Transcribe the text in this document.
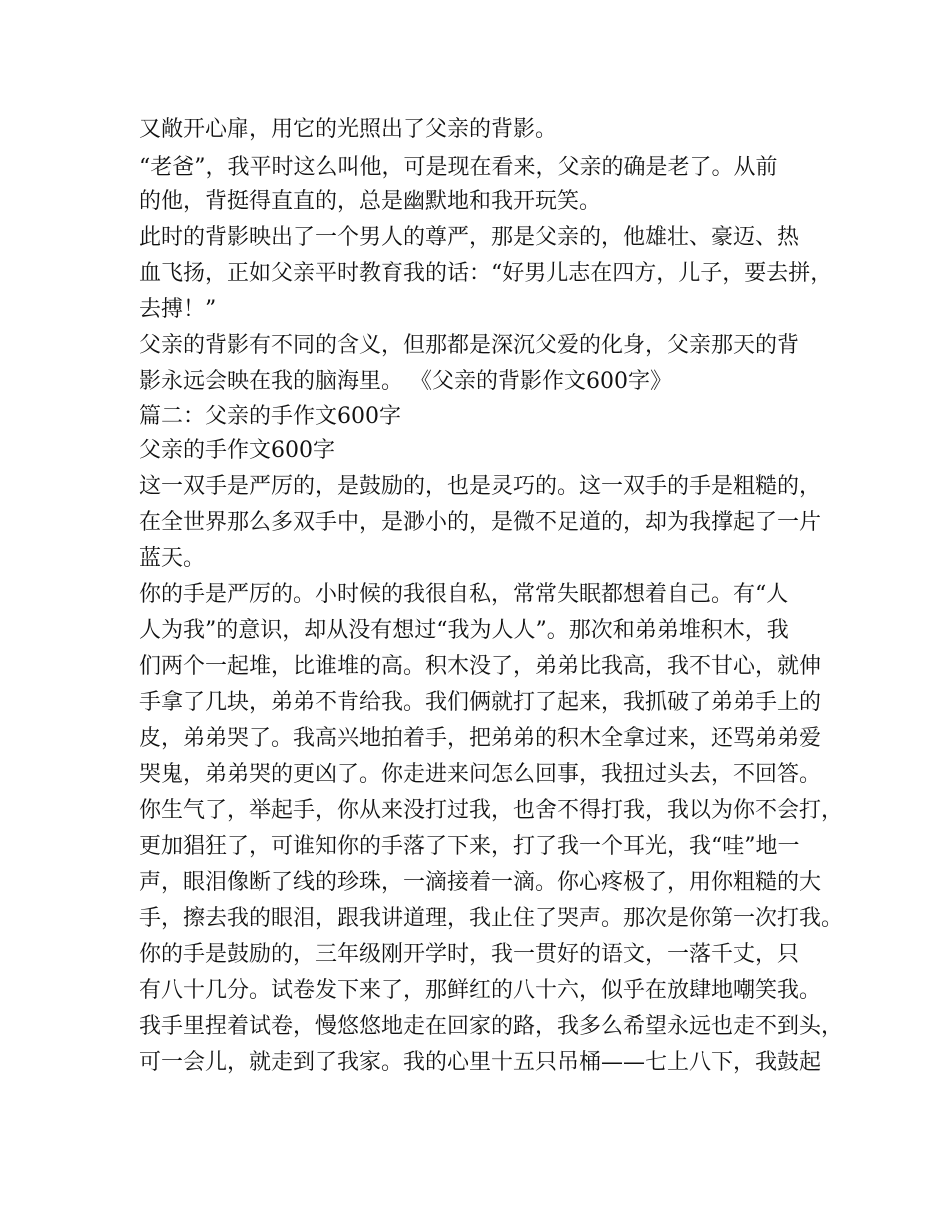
又敞开心扉，用它的光照出了父亲的背影。

“老爸”，我平时这么叫他，可是现在看来，父亲的确是老了。从前

的他，背挺得直直的，总是幽默地和我开玩笑。

此时的背影映出了一个男人的尊严，那是父亲的，他雄壮、豪迈、热

血飞扬，正如父亲平时教育我的话：“好男儿志在四方，儿子，要去拼，

去搏！”

父亲的背影有不同的含义，但那都是深沉父爱的化身，父亲那天的背

影永远会映在我的脑海里。 《父亲的背影作文600字》

篇二：父亲的手作文600字

父亲的手作文600字

这一双手是严厉的，是鼓励的，也是灵巧的。这一双手的手是粗糙的，

在全世界那么多双手中，是渺小的，是微不足道的，却为我撑起了一片

蓝天。

你的手是严厉的。小时候的我很自私，常常失眠都想着自己。有“人

人为我”的意识，却从没有想过“我为人人”。那次和弟弟堆积木，我

们两个一起堆，比谁堆的高。积木没了，弟弟比我高，我不甘心，就伸

手拿了几块，弟弟不肯给我。我们俩就打了起来，我抓破了弟弟手上的

皮，弟弟哭了。我高兴地拍着手，把弟弟的积木全拿过来，还骂弟弟爱

哭鬼，弟弟哭的更凶了。你走进来问怎么回事，我扭过头去，不回答。

你生气了，举起手，你从来没打过我，也舍不得打我，我以为你不会打，

更加猖狂了，可谁知你的手落了下来，打了我一个耳光，我“哇”地一

声，眼泪像断了线的珍珠，一滴接着一滴。你心疼极了，用你粗糙的大

手，擦去我的眼泪，跟我讲道理，我止住了哭声。那次是你第一次打我。

你的手是鼓励的，三年级刚开学时，我一贯好的语文，一落千丈，只

有八十几分。试卷发下来了，那鲜红的八十六，似乎在放肆地嘲笑我。

我手里捏着试卷，慢悠悠地走在回家的路，我多么希望永远也走不到头，

可一会儿，就走到了我家。我的心里十五只吊桶——七上八下，我鼓起
